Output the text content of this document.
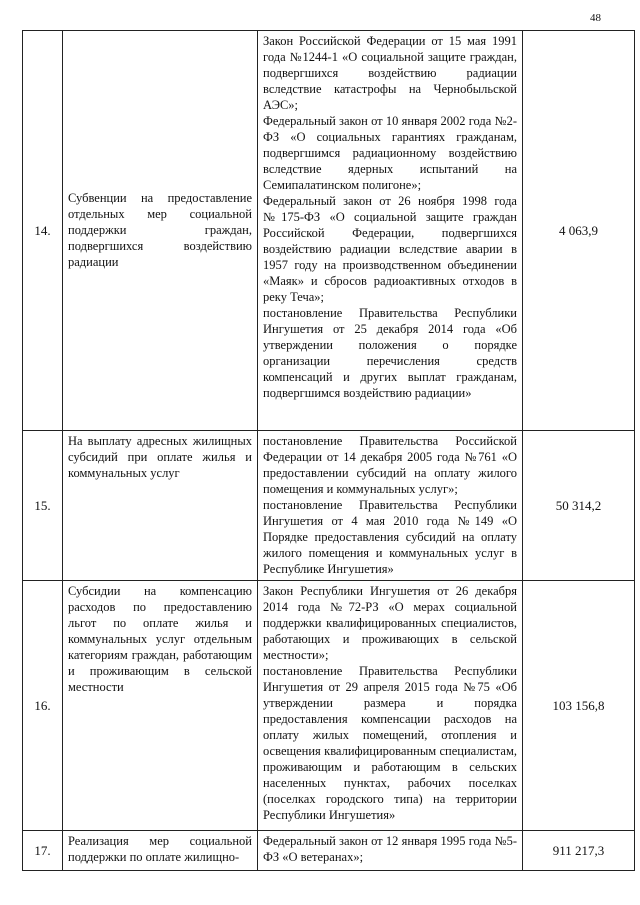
48
14.	Субвенции на предоставление отдельных мер социальной поддержки граждан, подвергшихся воздействию радиации	Закон Российской Федерации от 15 мая 1991 года №1244-1 «О социальной защите граждан, подвергшихся воздействию радиации вследствие катастрофы на Чернобыльской АЭС»;

Федеральный закон от 10 января 2002 года №2-ФЗ «О социальных гарантиях гражданам, подвергшимся радиационному воздействию вследствие ядерных испытаний на Семипалатинском полигоне»;

Федеральный закон от 26 ноября 1998 года №175-ФЗ «О социальной защите граждан Российской Федерации, подвергшихся воздействию радиации вследствие аварии в 1957 году на производственном объединении «Маяк» и сбросов радиоактивных отходов в реку Теча»;

постановление Правительства Республики Ингушетия от 25 декабря 2014 года «Об утверждении положения о порядке организации перечисления средств компенсаций и других выплат гражданам, подвергшимся воздействию радиации»	4 063,9
15.	На выплату адресных жилищных субсидий при оплате жилья и коммунальных услуг	постановление Правительства Российской Федерации от 14 декабря 2005 года №761 «О предоставлении субсидий на оплату жилого помещения и коммунальных услуг»;

постановление Правительства Республики Ингушетия от 4 мая 2010 года №149 «О Порядке предоставления субсидий на оплату жилого помещения и коммунальных услуг в Республике Ингушетия»	50 314,2
16.	Субсидии на компенсацию расходов по предоставлению льгот по оплате жилья и коммунальных услуг отдельным категориям граждан, работающим и проживающим в сельской местности	Закон Республики Ингушетия от 26 декабря 2014 года №72-РЗ «О мерах социальной поддержки квалифицированных специалистов, работающих и проживающих в сельской местности»;

постановление Правительства Республики Ингушетия от 29 апреля 2015 года №75 «Об утверждении размера и порядка предоставления компенсации расходов на оплату жилых помещений, отопления и освещения квалифицированным специалистам, проживающим и работающим в сельских населенных пунктах, рабочих поселках (поселках городского типа) на территории Республики Ингушетия»	103 156,8
17.	Реализация мер социальной поддержки по оплате жилищно-	Федеральный закон от 12 января 1995 года №5-ФЗ «О ветеранах»;	911 217,3
